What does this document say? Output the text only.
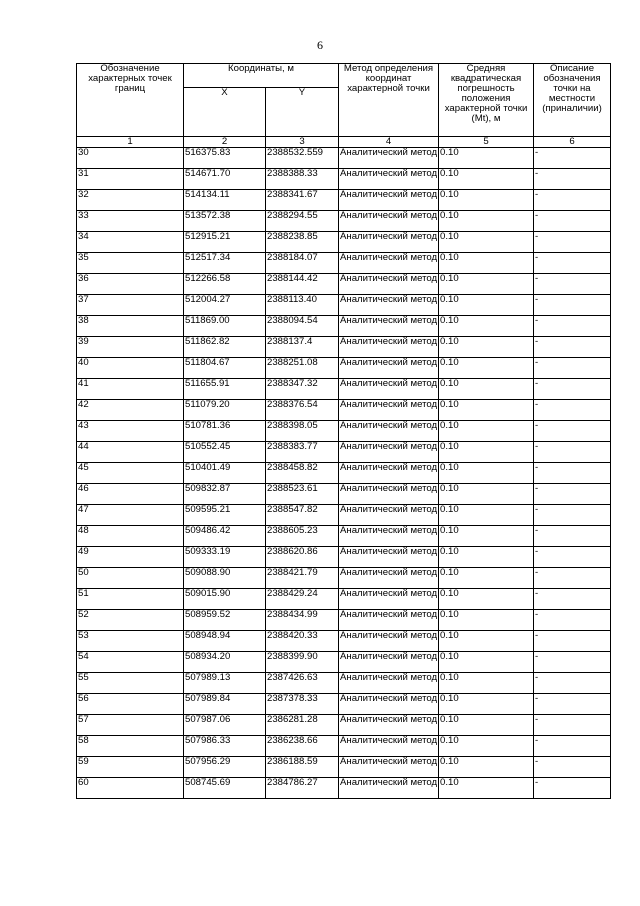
6
Обозначение характерных точек границ	Координаты, м		Метод определения координат характерной точки	Средняя квадратическая погрешность положения характерной точки (Mt), м	Описание обозначения точки на местности (приналичии)
	X	Y			
1	2	3	4	5	6
30	516375.83	2388532.559	Аналитический метод	0.10	-
31	514671.70	2388388.33	Аналитический метод	0.10	-
32	514134.11	2388341.67	Аналитический метод	0.10	-
33	513572.38	2388294.55	Аналитический метод	0.10	-
34	512915.21	2388238.85	Аналитический метод	0.10	-
35	512517.34	2388184.07	Аналитический метод	0.10	-
36	512266.58	2388144.42	Аналитический метод	0.10	-
37	512004.27	2388113.40	Аналитический метод	0.10	-
38	511869.00	2388094.54	Аналитический метод	0.10	-
39	511862.82	2388137.4	Аналитический метод	0.10	-
40	511804.67	2388251.08	Аналитический метод	0.10	-
41	511655.91	2388347.32	Аналитический метод	0.10	-
42	511079.20	2388376.54	Аналитический метод	0.10	-
43	510781.36	2388398.05	Аналитический метод	0.10	-
44	510552.45	2388383.77	Аналитический метод	0.10	-
45	510401.49	2388458.82	Аналитический метод	0.10	-
46	509832.87	2388523.61	Аналитический метод	0.10	-
47	509595.21	2388547.82	Аналитический метод	0.10	-
48	509486.42	2388605.23	Аналитический метод	0.10	-
49	509333.19	2388620.86	Аналитический метод	0.10	-
50	509088.90	2388421.79	Аналитический метод	0.10	-
51	509015.90	2388429.24	Аналитический метод	0.10	-
52	508959.52	2388434.99	Аналитический метод	0.10	-
53	508948.94	2388420.33	Аналитический метод	0.10	-
54	508934.20	2388399.90	Аналитический метод	0.10	-
55	507989.13	2387426.63	Аналитический метод	0.10	-
56	507989.84	2387378.33	Аналитический метод	0.10	-
57	507987.06	2386281.28	Аналитический метод	0.10	-
58	507986.33	2386238.66	Аналитический метод	0.10	-
59	507956.29	2386188.59	Аналитический метод	0.10	-
60	508745.69	2384786.27	Аналитический метод	0.10	-
